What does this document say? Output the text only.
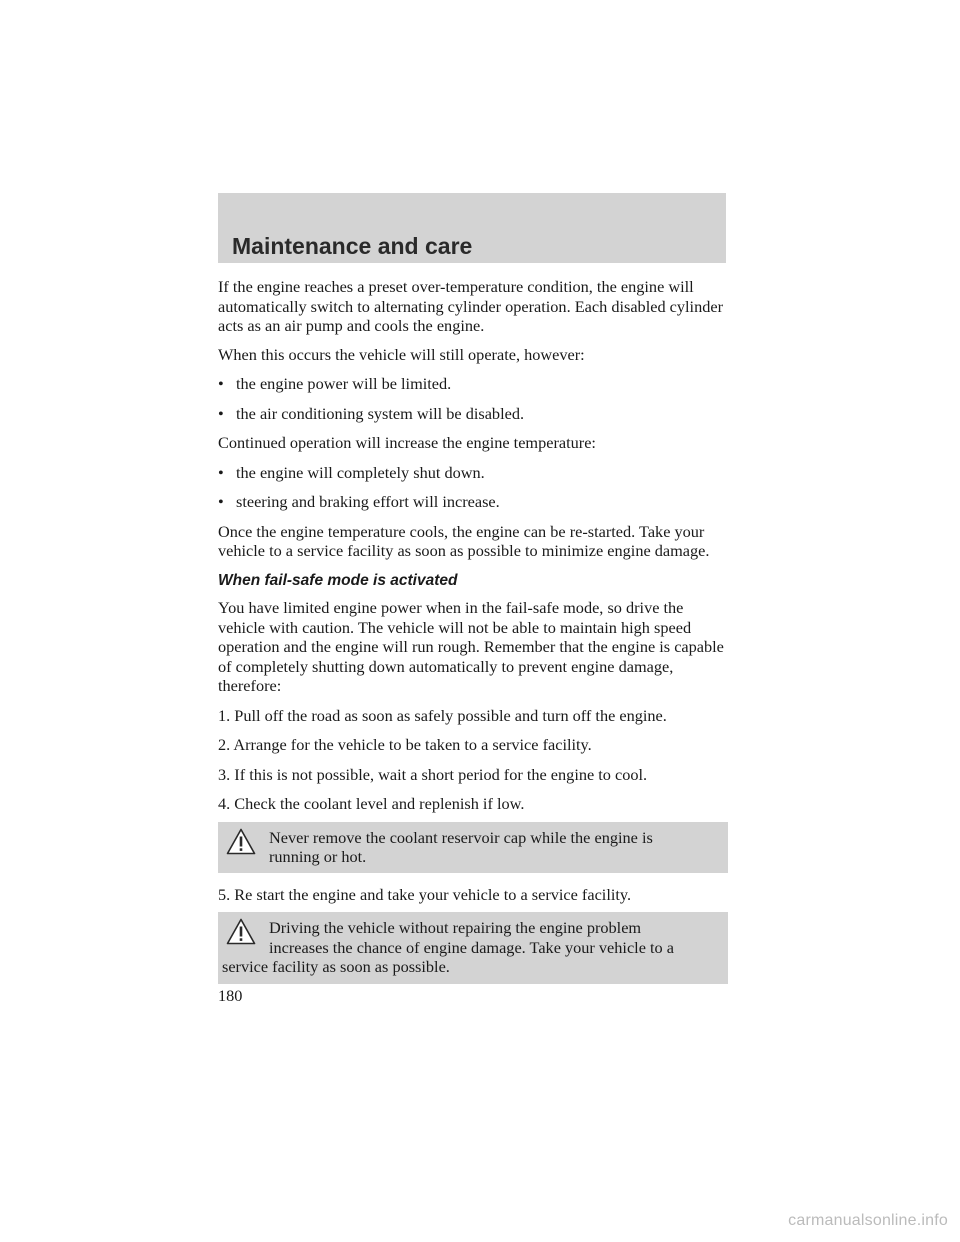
Maintenance and care

If the engine reaches a preset over-temperature condition, the engine will automatically switch to alternating cylinder operation. Each disabled cylinder acts as an air pump and cools the engine.

When this occurs the vehicle will still operate, however:

• the engine power will be limited.
• the air conditioning system will be disabled.

Continued operation will increase the engine temperature:

• the engine will completely shut down.
• steering and braking effort will increase.

Once the engine temperature cools, the engine can be re-started. Take your vehicle to a service facility as soon as possible to minimize engine damage.

When fail-safe mode is activated

You have limited engine power when in the fail-safe mode, so drive the vehicle with caution. The vehicle will not be able to maintain high speed operation and the engine will run rough. Remember that the engine is capable of completely shutting down automatically to prevent engine damage, therefore:

1. Pull off the road as soon as safely possible and turn off the engine.

2. Arrange for the vehicle to be taken to a service facility.

3. If this is not possible, wait a short period for the engine to cool.

4. Check the coolant level and replenish if low.

Never remove the coolant reservoir cap while the engine is
running or hot.

5. Re start the engine and take your vehicle to a service facility.

Driving the vehicle without repairing the engine problem
increases the chance of engine damage. Take your vehicle to a
service facility as soon as possible.
180
carmanualsonline.info
